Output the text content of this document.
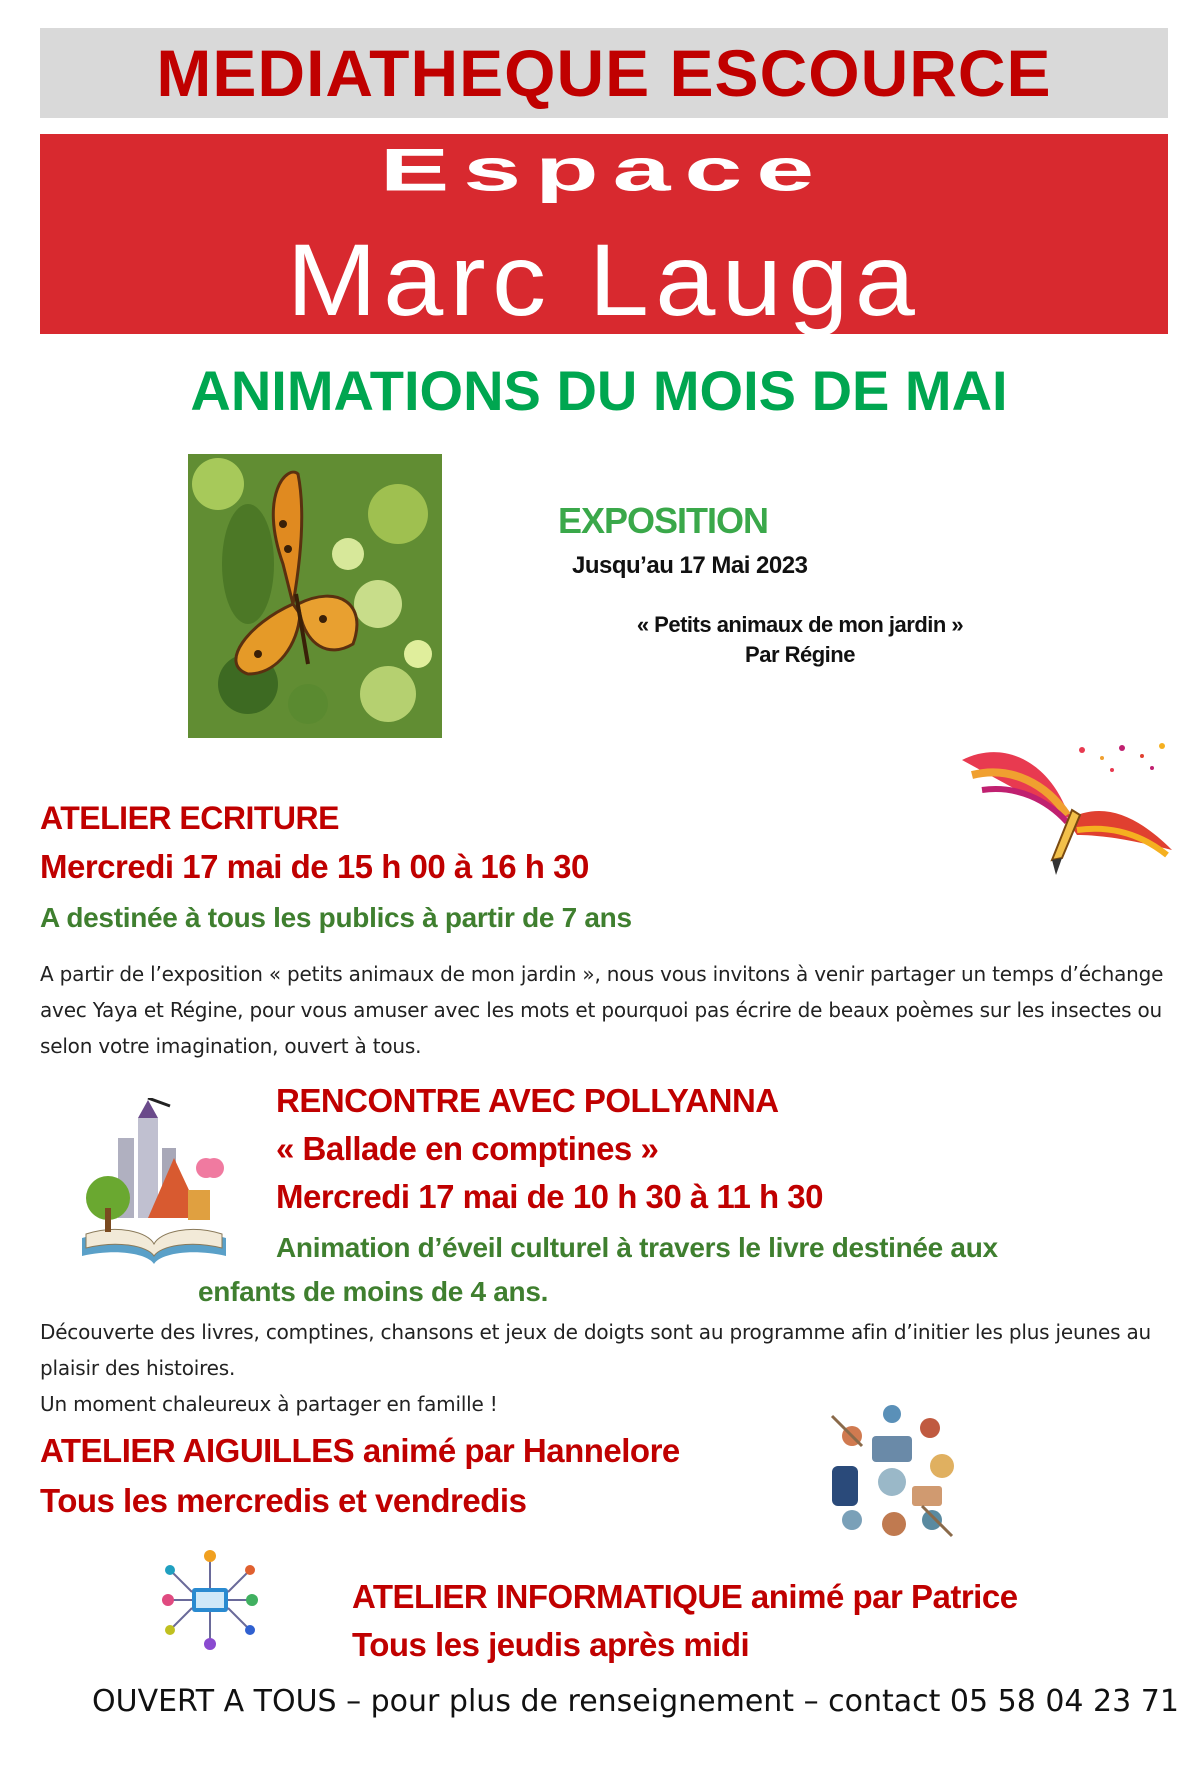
MEDIATHEQUE ESCOURCE
Espace
Marc Lauga
ANIMATIONS DU MOIS DE MAI
EXPOSITION
Jusqu’au 17 Mai 2023
« Petits animaux de mon jardin »
Par Régine
ATELIER ECRITURE
Mercredi 17 mai de 15 h 00 à 16 h 30
A destinée à tous les publics à partir de 7 ans
A partir de l’exposition « petits animaux de mon jardin », nous vous invitons à venir partager un temps d’échange avec Yaya et Régine, pour vous amuser avec les mots et pourquoi pas écrire de beaux poèmes sur les insectes ou selon votre imagination, ouvert à tous.
RENCONTRE AVEC POLLYANNA
« Ballade en comptines »
Mercredi 17 mai de 10 h 30 à 11 h 30
Animation d’éveil culturel à travers le livre destinée aux
enfants de moins de 4 ans.
Découverte des livres, comptines, chansons et jeux de doigts sont au programme afin d’initier les plus jeunes au plaisir des histoires.
Un moment chaleureux à partager en famille !
ATELIER AIGUILLES animé par Hannelore
Tous les mercredis et vendredis
ATELIER INFORMATIQUE animé par Patrice
Tous les jeudis après midi
OUVERT A TOUS – pour plus de renseignement – contact 05 58 04 23 71
